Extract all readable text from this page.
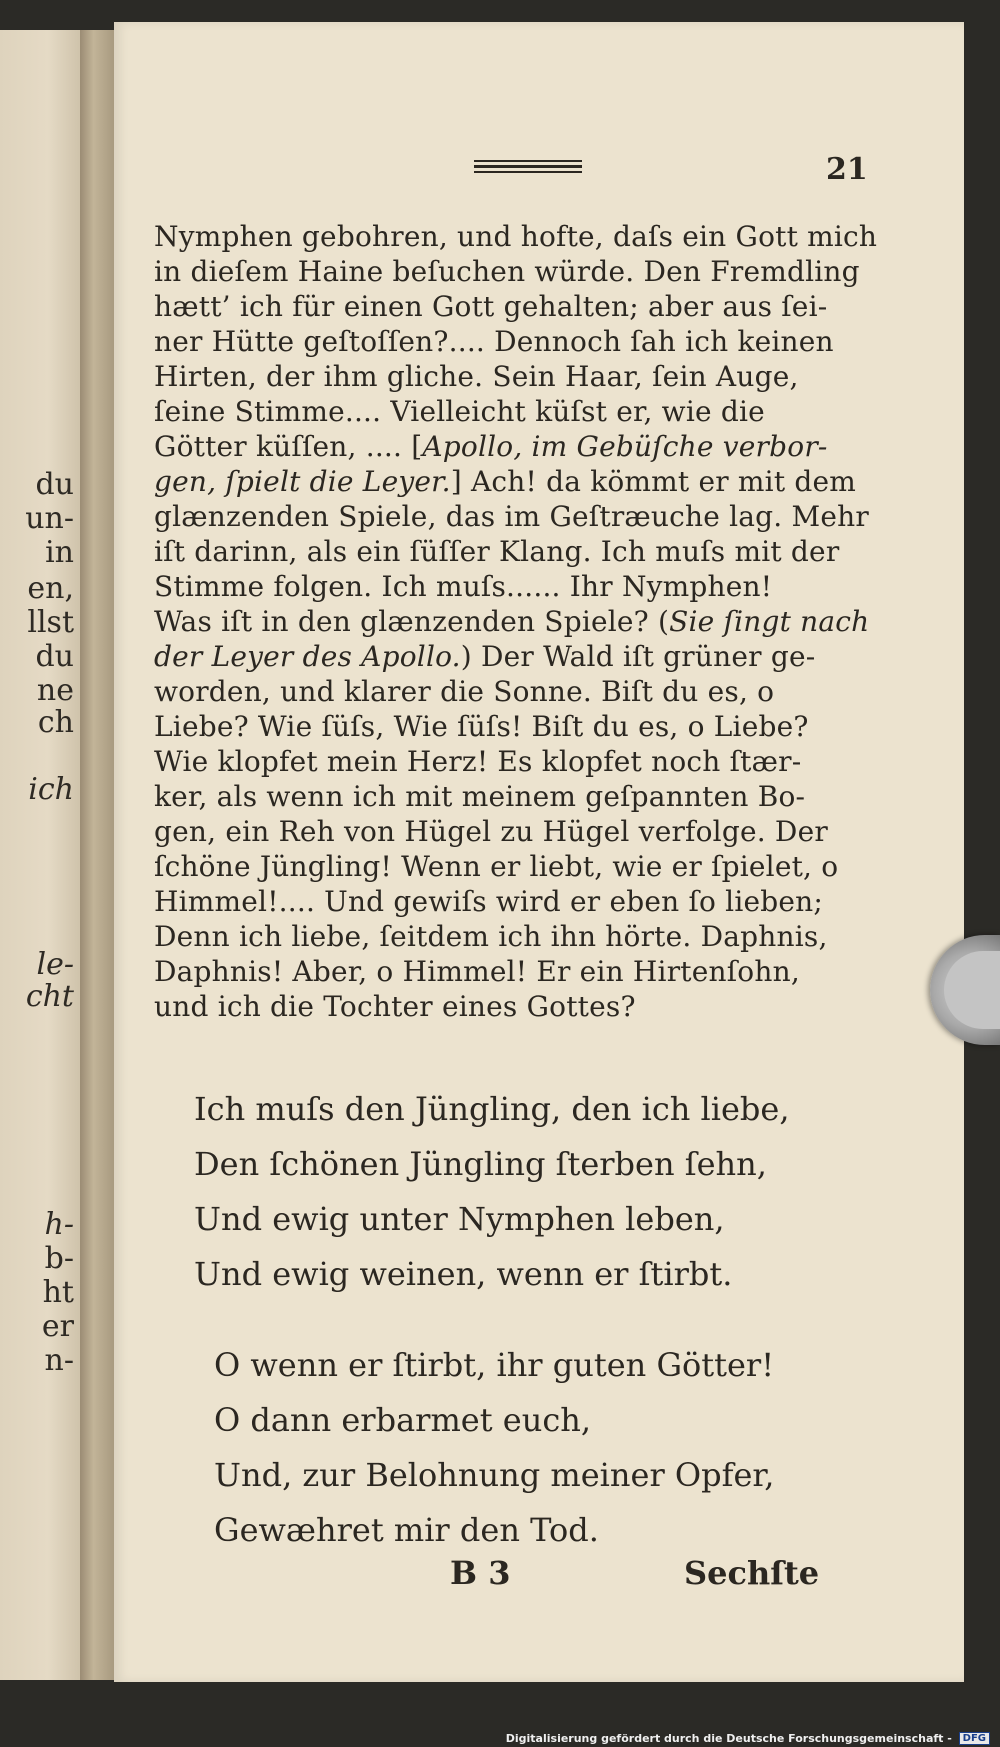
du

un-

in

en,

llst

du

ne

ch

ich

le-

cht

h-

b-

ht

er

n-

21

Nymphen gebohren, und hofte, daſs ein Gott mich
in dieſem Haine beſuchen würde. Den Fremdling
hætt’ ich für einen Gott gehalten; aber aus ſei-
ner Hütte geſtoſſen?.... Dennoch ſah ich keinen
Hirten, der ihm gliche. Sein Haar, ſein Auge,
ſeine Stimme.... Vielleicht küſst er, wie die
Götter küſſen, .... [Apollo, im Gebüſche verbor-
gen, ſpielt die Leyer.] Ach! da kömmt er mit dem
glænzenden Spiele, das im Geſtræuche lag. Mehr
iſt darinn, als ein ſüſſer Klang. Ich muſs mit der
Stimme folgen. Ich muſs...... Ihr Nymphen!
Was iſt in den glænzenden Spiele? (Sie ſingt nach
der Leyer des Apollo.) Der Wald iſt grüner ge-
worden, und klarer die Sonne. Biſt du es, o
Liebe? Wie ſüſs, Wie ſüſs! Biſt du es, o Liebe?
Wie klopfet mein Herz! Es klopfet noch ſtær-
ker, als wenn ich mit meinem geſpannten Bo-
gen, ein Reh von Hügel zu Hügel verfolge. Der
ſchöne Jüngling! Wenn er liebt, wie er ſpielet, o
Himmel!.... Und gewiſs wird er eben ſo lieben;
Denn ich liebe, ſeitdem ich ihn hörte. Daphnis,
Daphnis! Aber, o Himmel! Er ein Hirtenſohn,
und ich die Tochter eines Gottes?
Ich muſs den Jüngling, den ich liebe,
Den ſchönen Jüngling ſterben ſehn,
Und ewig unter Nymphen leben,
Und ewig weinen, wenn er ſtirbt.
O wenn er ſtirbt, ihr guten Götter!
O dann erbarmet euch,
Und, zur Belohnung meiner Opfer,
Gewæhret mir den Tod.

B 3	Sechſte

Digitalisierung gefördert durch die Deutsche Forschungsgemeinschaft - DFG
